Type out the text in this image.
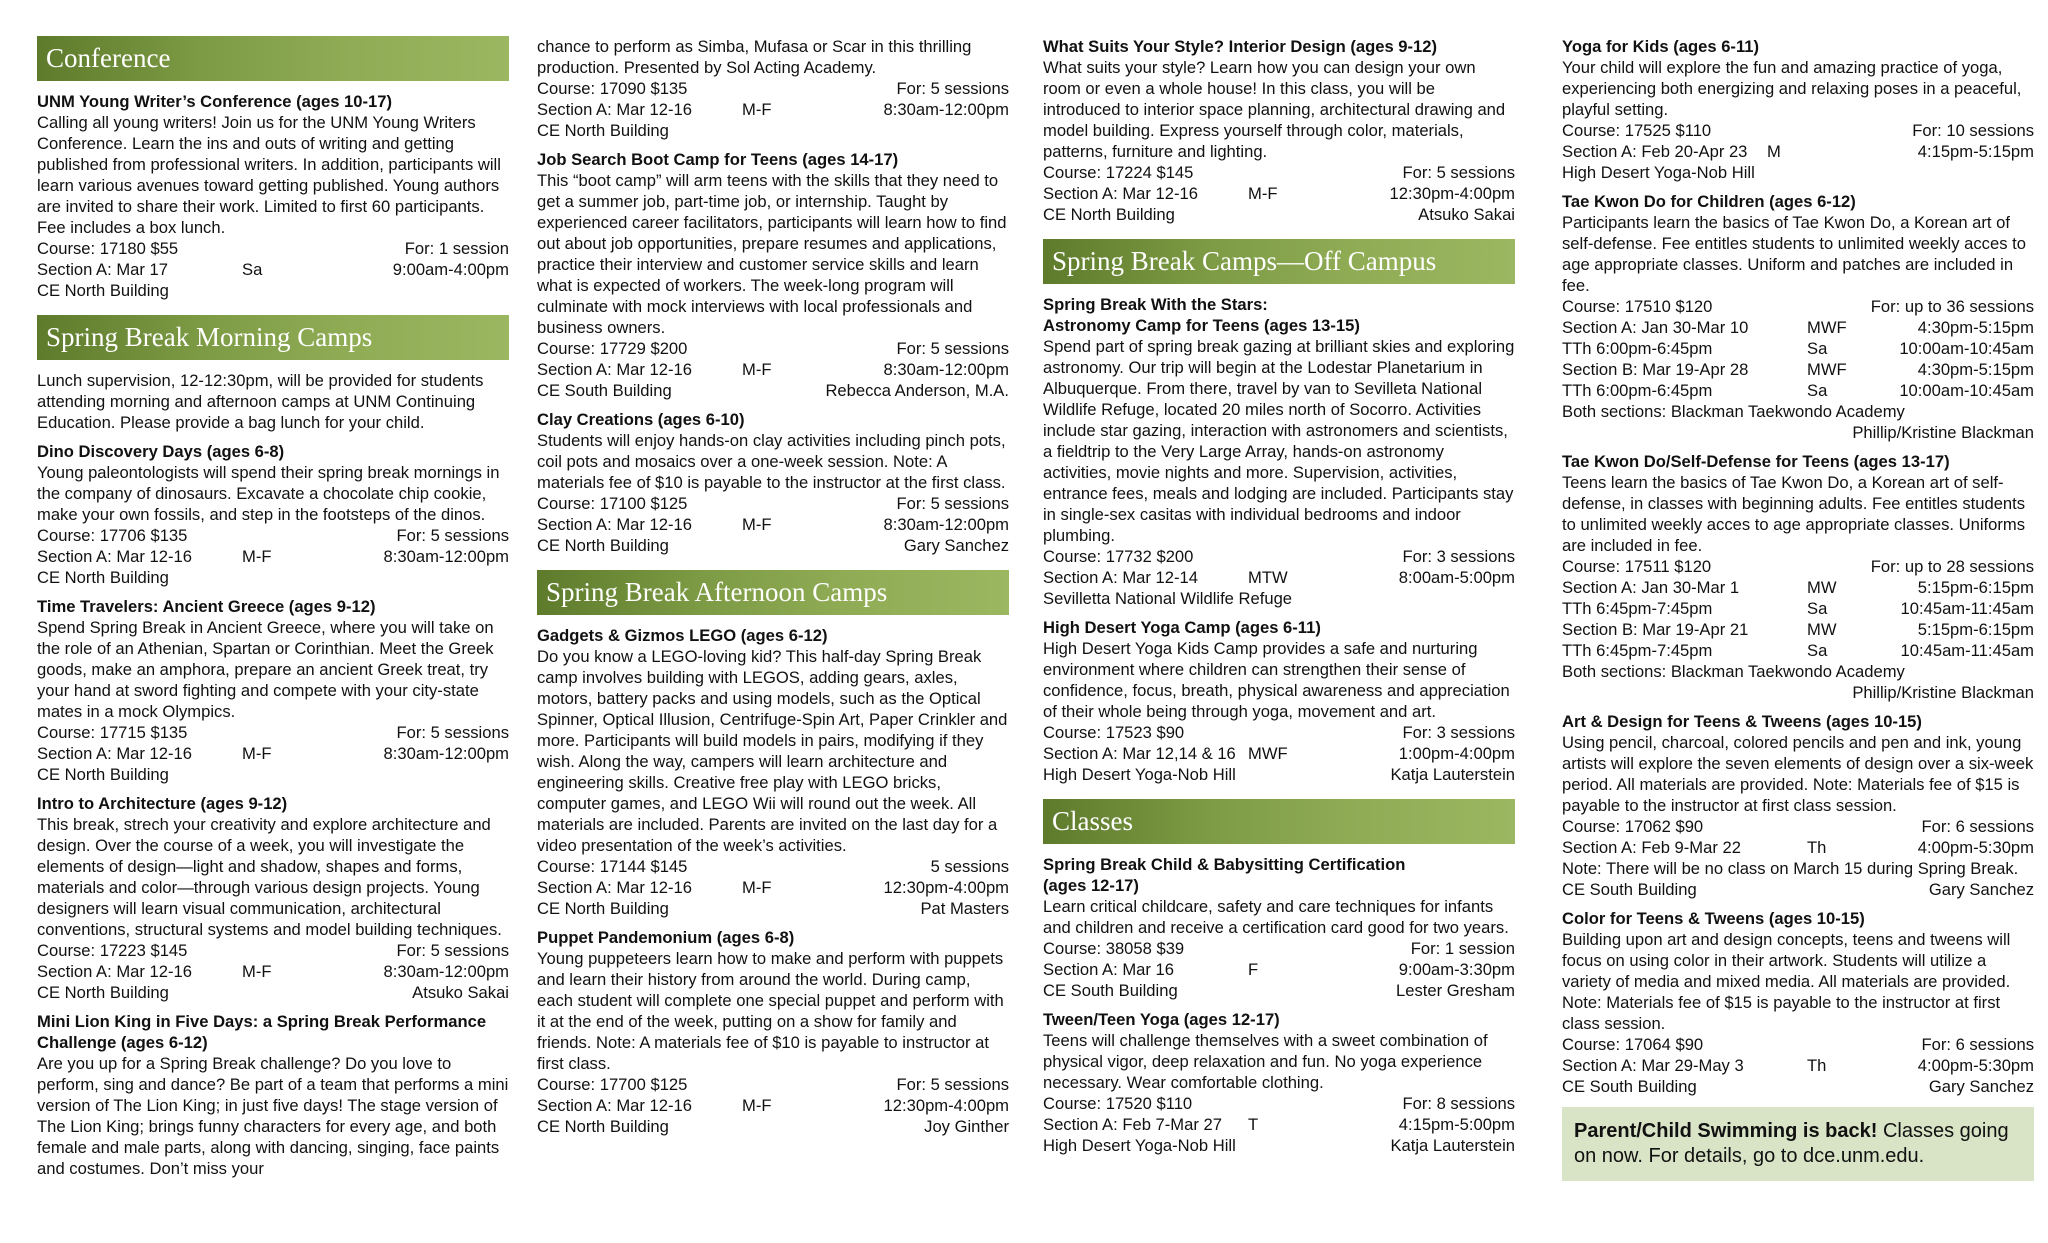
Conference

UNM Young Writer’s Conference (ages 10-17)

Calling all young writers! Join us for the UNM Young Writers Conference. Learn the ins and outs of writing and getting published from professional writers. In addition, participants will learn various avenues toward getting published. Young authors are invited to share their work. Limited to first 60 participants. Fee includes a box lunch.

Course: 17180 $55	For: 1 session
Section A: Mar 17	Sa	9:00am-4:00pm
CE North Building
Spring Break Morning Camps

Lunch supervision, 12-12:30pm, will be provided for students attending morning and afternoon camps at UNM Continuing Education. Please provide a bag lunch for your child.

Dino Discovery Days (ages 6-8)

Young paleontologists will spend their spring break mornings in the company of dinosaurs. Excavate a chocolate chip cookie, make your own fossils, and step in the footsteps of the dinos.

Course: 17706 $135	For: 5 sessions
Section A: Mar 12-16	M-F	8:30am-12:00pm
CE North Building

Time Travelers: Ancient Greece (ages 9-12)

Spend Spring Break in Ancient Greece, where you will take on the role of an Athenian, Spartan or Corinthian. Meet the Greek goods, make an amphora, prepare an ancient Greek treat, try your hand at sword fighting and compete with your city-state mates in a mock Olympics.

Course: 17715 $135	For: 5 sessions
Section A: Mar 12-16	M-F	8:30am-12:00pm
CE North Building

Intro to Architecture (ages 9-12)

This break, strech your creativity and explore architecture and design. Over the course of a week, you will investigate the elements of design—light and shadow, shapes and forms, materials and color—through various design projects. Young designers will learn visual communication, architectural conventions, structural systems and model building techniques.

Course: 17223 $145	For: 5 sessions
Section A: Mar 12-16	M-F	8:30am-12:00pm
CE North Building	Atsuko Sakai

Mini Lion King in Five Days: a Spring Break Performance Challenge (ages 6-12)

Are you up for a Spring Break challenge? Do you love to perform, sing and dance? Be part of a team that performs a mini version of The Lion King; in just five days! The stage version of The Lion King; brings funny characters for every age, and both female and male parts, along with dancing, singing, face paints and costumes. Don’t miss your

chance to perform as Simba, Mufasa or Scar in this thrilling production. Presented by Sol Acting Academy.

Course: 17090 $135	For: 5 sessions
Section A: Mar 12-16	M-F	8:30am-12:00pm
CE North Building

Job Search Boot Camp for Teens (ages 14-17)

This “boot camp” will arm teens with the skills that they need to get a summer job, part-time job, or internship. Taught by experienced career facilitators, participants will learn how to find out about job opportunities, prepare resumes and applications, practice their interview and customer service skills and learn what is expected of workers. The week-long program will culminate with mock interviews with local professionals and business owners.

Course: 17729 $200	For: 5 sessions
Section A: Mar 12-16	M-F	8:30am-12:00pm
CE South Building	Rebecca Anderson, M.A.

Clay Creations (ages 6-10)

Students will enjoy hands-on clay activities including pinch pots, coil pots and mosaics over a one-week session. Note: A materials fee of $10 is payable to the instructor at the first class.

Course: 17100 $125	For: 5 sessions
Section A: Mar 12-16	M-F	8:30am-12:00pm
CE North Building	Gary Sanchez
Spring Break Afternoon Camps

Gadgets & Gizmos LEGO (ages 6-12)

Do you know a LEGO-loving kid? This half-day Spring Break camp involves building with LEGOS, adding gears, axles, motors, battery packs and using models, such as the Optical Spinner, Optical Illusion, Centrifuge-Spin Art, Paper Crinkler and more. Participants will build models in pairs, modifying if they wish. Along the way, campers will learn architecture and engineering skills. Creative free play with LEGO bricks, computer games, and LEGO Wii will round out the week. All materials are included. Parents are invited on the last day for a video presentation of the week’s activities.

Course: 17144 $145	5 sessions
Section A: Mar 12-16	M-F	12:30pm-4:00pm
CE North Building	Pat Masters

Puppet Pandemonium (ages 6-8)

Young puppeteers learn how to make and perform with puppets and learn their history from around the world. During camp, each student will complete one special puppet and perform with it at the end of the week, putting on a show for family and friends. Note: A materials fee of $10 is payable to instructor at first class.

Course: 17700 $125	For: 5 sessions
Section A: Mar 12-16	M-F	12:30pm-4:00pm
CE North Building	Joy Ginther

What Suits Your Style? Interior Design (ages 9-12)

What suits your style? Learn how you can design your own room or even a whole house! In this class, you will be introduced to interior space planning, architectural drawing and model building. Express yourself through color, materials, patterns, furniture and lighting.

Course: 17224 $145	For: 5 sessions
Section A: Mar 12-16	M-F	12:30pm-4:00pm
CE North Building	Atsuko Sakai
Spring Break Camps—Off Campus

Spring Break With the Stars:

Astronomy Camp for Teens (ages 13-15)

Spend part of spring break gazing at brilliant skies and exploring astronomy. Our trip will begin at the Lodestar Planetarium in Albuquerque. From there, travel by van to Sevilleta National Wildlife Refuge, located 20 miles north of Socorro. Activities include star gazing, interaction with astronomers and scientists, a fieldtrip to the Very Large Array, hands-on astronomy activities, movie nights and more. Supervision, activities, entrance fees, meals and lodging are included. Participants stay in single-sex casitas with individual bedrooms and indoor plumbing.

Course: 17732 $200	For: 3 sessions
Section A: Mar 12-14	MTW	8:00am-5:00pm
Sevilletta National Wildlife Refuge

High Desert Yoga Camp (ages 6-11)

High Desert Yoga Kids Camp provides a safe and nurturing environment where children can strengthen their sense of confidence, focus, breath, physical awareness and appreciation of their whole being through yoga, movement and art.

Course: 17523 $90	For: 3 sessions
Section A: Mar 12,14 & 16 MWF	1:00pm-4:00pm
High Desert Yoga-Nob Hill	Katja Lauterstein
Classes

Spring Break Child & Babysitting Certification

(ages 12-17)

Learn critical childcare, safety and care techniques for infants and children and receive a certification card good for two years.

Course: 38058 $39	For: 1 session
Section A: Mar 16	F	9:00am-3:30pm
CE South Building	Lester Gresham

Tween/Teen Yoga (ages 12-17)

Teens will challenge themselves with a sweet combination of physical vigor, deep relaxation and fun. No yoga experience necessary. Wear comfortable clothing.

Course: 17520 $110	For: 8 sessions
Section A: Feb 7-Mar 27	T	4:15pm-5:00pm
High Desert Yoga-Nob Hill	Katja Lauterstein

Yoga for Kids (ages 6-11)

Your child will explore the fun and amazing practice of yoga, experiencing both energizing and relaxing poses in a peaceful, playful setting.

Course: 17525 $110	For: 10 sessions
Section A: Feb 20-Apr 23	M	4:15pm-5:15pm
High Desert Yoga-Nob Hill

Tae Kwon Do for Children (ages 6-12)

Participants learn the basics of Tae Kwon Do, a Korean art of self-defense. Fee entitles students to unlimited weekly acces to age appropriate classes. Uniform and patches are included in fee.

Course: 17510 $120	For: up to 36 sessions
Section A: Jan 30-Mar 10	MWF	4:30pm-5:15pm
TTh 6:00pm-6:45pm	Sa	10:00am-10:45am
Section B: Mar 19-Apr 28	MWF	4:30pm-5:15pm
TTh 6:00pm-6:45pm	Sa	10:00am-10:45am
Both sections: Blackman Taekwondo Academy
Phillip/Kristine Blackman

Tae Kwon Do/Self-Defense for Teens (ages 13-17)

Teens learn the basics of Tae Kwon Do, a Korean art of self-defense, in classes with beginning adults. Fee entitles students to unlimited weekly acces to age appropriate classes. Uniforms are included in fee.

Course: 17511 $120	For: up to 28 sessions
Section A: Jan 30-Mar 1	MW	5:15pm-6:15pm
TTh 6:45pm-7:45pm	Sa	10:45am-11:45am
Section B: Mar 19-Apr 21	MW	5:15pm-6:15pm
TTh 6:45pm-7:45pm	Sa	10:45am-11:45am
Both sections: Blackman Taekwondo Academy
Phillip/Kristine Blackman

Art & Design for Teens & Tweens (ages 10-15)

Using pencil, charcoal, colored pencils and pen and ink, young artists will explore the seven elements of design over a six-week period. All materials are provided. Note: Materials fee of $15 is payable to the instructor at first class session.

Course: 17062 $90	For: 6 sessions
Section A: Feb 9-Mar 22	Th	4:00pm-5:30pm

Note: There will be no class on March 15 during Spring Break.

CE South Building	Gary Sanchez

Color for Teens & Tweens (ages 10-15)

Building upon art and design concepts, teens and tweens will focus on using color in their artwork. Students will utilize a variety of media and mixed media. All materials are provided. Note: Materials fee of $15 is payable to the instructor at first class session.

Course: 17064 $90	For: 6 sessions
Section A: Mar 29-May 3	Th	4:00pm-5:30pm
CE South Building	Gary Sanchez
Parent/Child Swimming is back! Classes going on now. For details, go to dce.unm.edu.
